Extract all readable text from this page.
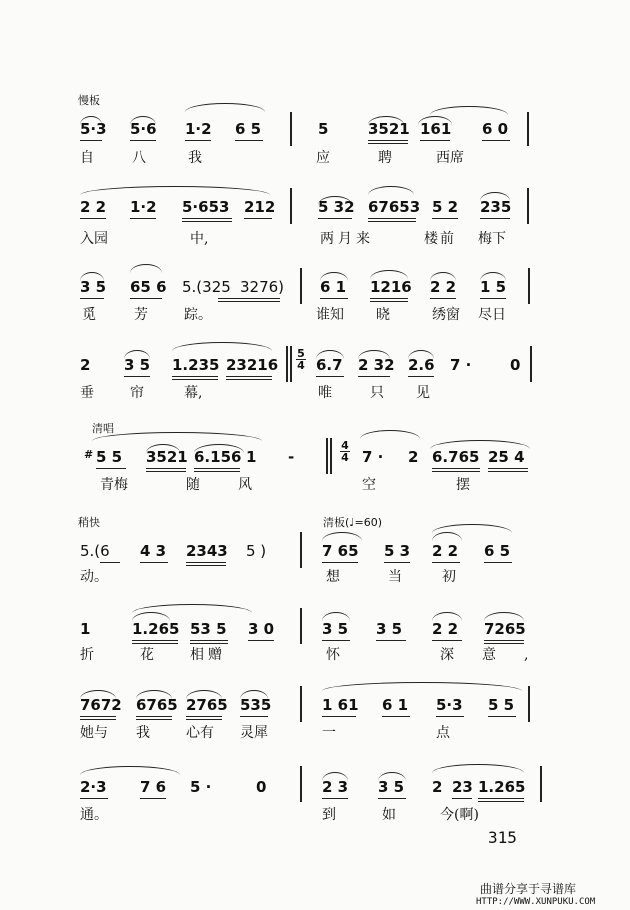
慢板
清唱
稍快	清板(♩=60)
5·3 5·6 1·2 6 5	5	3521 161 6 0
自	八	我	应	聘	西席
2 2 1·2 5·653 212	5 32 67653 5 2 235
入园	中,	两月来	楼前 梅下
3 5 65 6 5.(325 3276) 6 1 1216 2 2 1 5
觅	芳	踪。	谁知 晓	绣窗 尽日
2 3 5 1.235 23216
5
4 6.7 2 32 2.6 7 ·	0
垂	帘	幕,	唯	只 见
# 5 5 3521 6.156 1 -
4
4 7 · 2 6.765 25 4
青梅	随	风	空	摆
5.(6 4 3 2343 5 )	7 65 5 3 2 2 6 5
动。	想	当	初
1	1.265 53 5 3 0	3 5 3 5 2 2 7265
折	花	相赠	怀	深意,
7672 6765 2765 535	1 61 6 1 5·3 5 5
她与 我	心有 灵犀	一	点
2·3 7 6 5 ·	0	2 3 3 5 2 23 1.265
通。	到	如	今(啊)
315
曲谱分享于寻谱库
HTTP://WWW.XUNPUKU.COM
